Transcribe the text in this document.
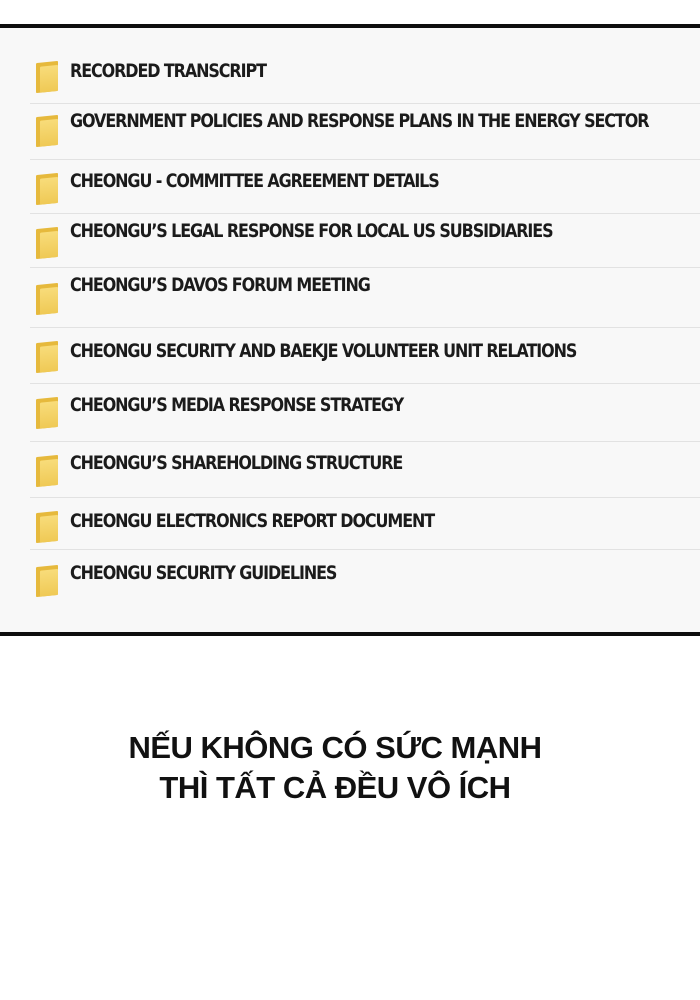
RECORDED TRANSCRIPT
GOVERNMENT POLICIES AND RESPONSE PLANS IN THE ENERGY SECTOR
CHEONGU - COMMITTEE AGREEMENT DETAILS
CHEONGU’S LEGAL RESPONSE FOR LOCAL US SUBSIDIARIES
CHEONGU’S DAVOS FORUM MEETING
CHEONGU SECURITY AND BAEKJE VOLUNTEER UNIT RELATIONS
CHEONGU’S MEDIA RESPONSE STRATEGY
CHEONGU’S SHAREHOLDING STRUCTURE
CHEONGU ELECTRONICS REPORT DOCUMENT
CHEONGU SECURITY GUIDELINES
NẾU KHÔNG CÓ SỨC MẠNH
THÌ TẤT CẢ ĐỀU VÔ ÍCH
